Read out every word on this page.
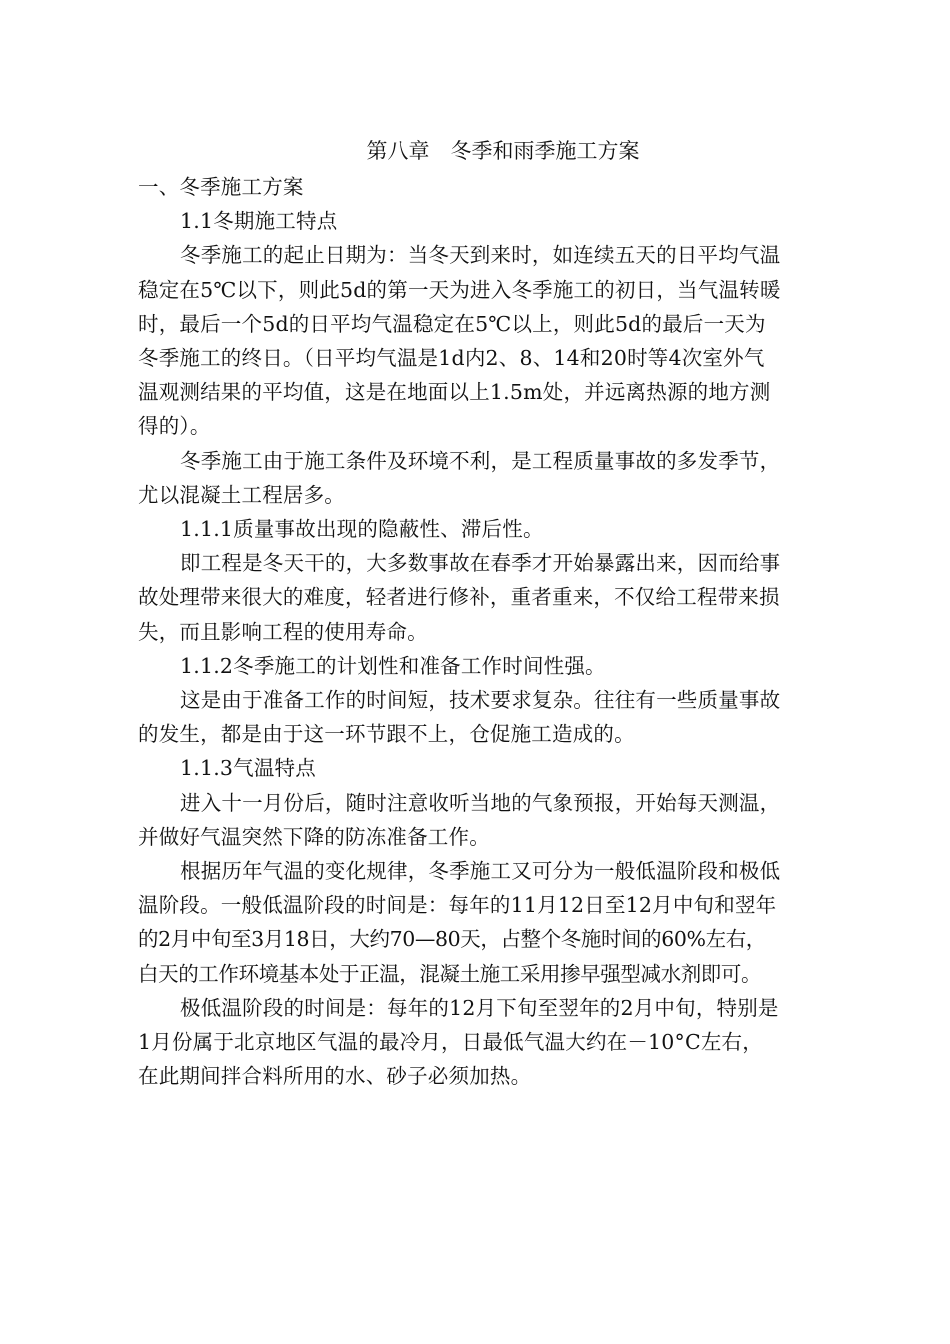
第八章　冬季和雨季施工方案
一、冬季施工方案
1.1冬期施工特点
冬季施工的起止日期为：当冬天到来时，如连续五天的日平均气温
稳定在5℃以下，则此5d的第一天为进入冬季施工的初日，当气温转暖
时，最后一个5d的日平均气温稳定在5℃以上，则此5d的最后一天为
冬季施工的终日。（日平均气温是1d内2、8、14和20时等4次室外气
温观测结果的平均值，这是在地面以上1.5m处，并远离热源的地方测
得的）。
冬季施工由于施工条件及环境不利，是工程质量事故的多发季节，
尤以混凝土工程居多。
1.1.1质量事故出现的隐蔽性、滞后性。
即工程是冬天干的，大多数事故在春季才开始暴露出来，因而给事
故处理带来很大的难度，轻者进行修补，重者重来，不仅给工程带来损
失，而且影响工程的使用寿命。
1.1.2冬季施工的计划性和准备工作时间性强。
这是由于准备工作的时间短，技术要求复杂。往往有一些质量事故
的发生，都是由于这一环节跟不上，仓促施工造成的。
1.1.3气温特点
进入十一月份后，随时注意收听当地的气象预报，开始每天测温，
并做好气温突然下降的防冻准备工作。
根据历年气温的变化规律，冬季施工又可分为一般低温阶段和极低
温阶段。一般低温阶段的时间是：每年的11月12日至12月中旬和翌年
的2月中旬至3月18日，大约70—80天，占整个冬施时间的60%左右，
白天的工作环境基本处于正温，混凝土施工采用掺早强型减水剂即可。
极低温阶段的时间是：每年的12月下旬至翌年的2月中旬，特别是
1月份属于北京地区气温的最冷月，日最低气温大约在－10°C左右，
在此期间拌合料所用的水、砂子必须加热。
